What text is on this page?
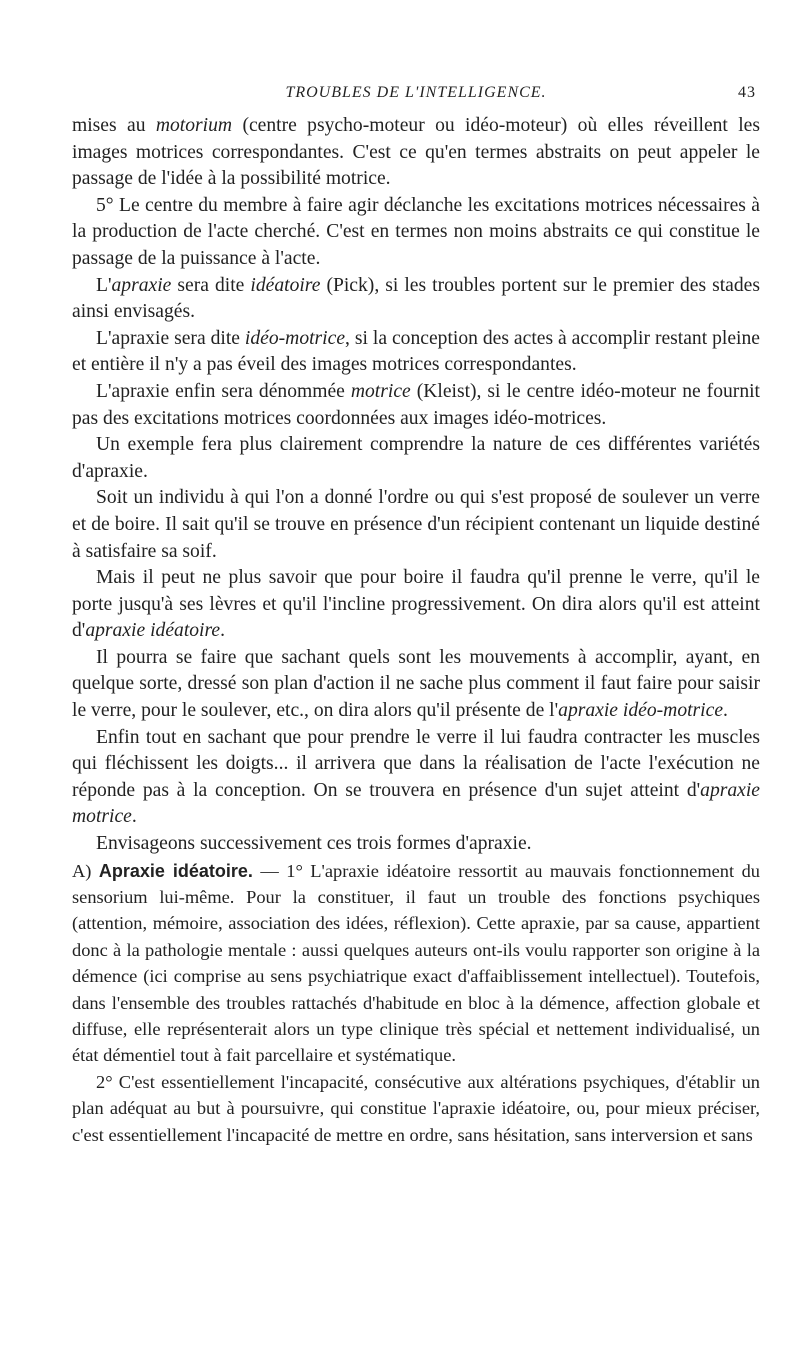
TROUBLES DE L'INTELLIGENCE.	43

mises au motorium (centre psycho-moteur ou idéo-moteur) où elles réveillent les images motrices correspondantes. C'est ce qu'en termes abstraits on peut appeler le passage de l'idée à la possibilité motrice.

5° Le centre du membre à faire agir déclanche les excitations motrices nécessaires à la production de l'acte cherché. C'est en termes non moins abstraits ce qui constitue le passage de la puissance à l'acte.

L'apraxie sera dite idéatoire (Pick), si les troubles portent sur le premier des stades ainsi envisagés.

L'apraxie sera dite idéo-motrice, si la conception des actes à accomplir restant pleine et entière il n'y a pas éveil des images motrices correspondantes.

L'apraxie enfin sera dénommée motrice (Kleist), si le centre idéo-moteur ne fournit pas des excitations motrices coordonnées aux images idéo-motrices.

Un exemple fera plus clairement comprendre la nature de ces différentes variétés d'apraxie.

Soit un individu à qui l'on a donné l'ordre ou qui s'est proposé de soulever un verre et de boire. Il sait qu'il se trouve en présence d'un récipient contenant un liquide destiné à satisfaire sa soif.

Mais il peut ne plus savoir que pour boire il faudra qu'il prenne le verre, qu'il le porte jusqu'à ses lèvres et qu'il l'incline progressivement. On dira alors qu'il est atteint d'apraxie idéatoire.

Il pourra se faire que sachant quels sont les mouvements à accomplir, ayant, en quelque sorte, dressé son plan d'action il ne sache plus comment il faut faire pour saisir le verre, pour le soulever, etc., on dira alors qu'il présente de l'apraxie idéo-motrice.

Enfin tout en sachant que pour prendre le verre il lui faudra contracter les muscles qui fléchissent les doigts... il arrivera que dans la réalisation de l'acte l'exécution ne réponde pas à la conception. On se trouvera en présence d'un sujet atteint d'apraxie motrice.

Envisageons successivement ces trois formes d'apraxie.

A) Apraxie idéatoire. — 1° L'apraxie idéatoire ressortit au mauvais fonctionnement du sensorium lui-même. Pour la constituer, il faut un trouble des fonctions psychiques (attention, mémoire, association des idées, réflexion). Cette apraxie, par sa cause, appartient donc à la pathologie mentale : aussi quelques auteurs ont-ils voulu rapporter son origine à la démence (ici comprise au sens psychiatrique exact d'affaiblissement intellectuel). Toutefois, dans l'ensemble des troubles rattachés d'habitude en bloc à la démence, affection globale et diffuse, elle représenterait alors un type clinique très spécial et nettement individualisé, un état démentiel tout à fait parcellaire et systématique.

2° C'est essentiellement l'incapacité, consécutive aux altérations psychiques, d'établir un plan adéquat au but à poursuivre, qui constitue l'apraxie idéatoire, ou, pour mieux préciser, c'est essentiellement l'incapacité de mettre en ordre, sans hésitation, sans interversion et sans
